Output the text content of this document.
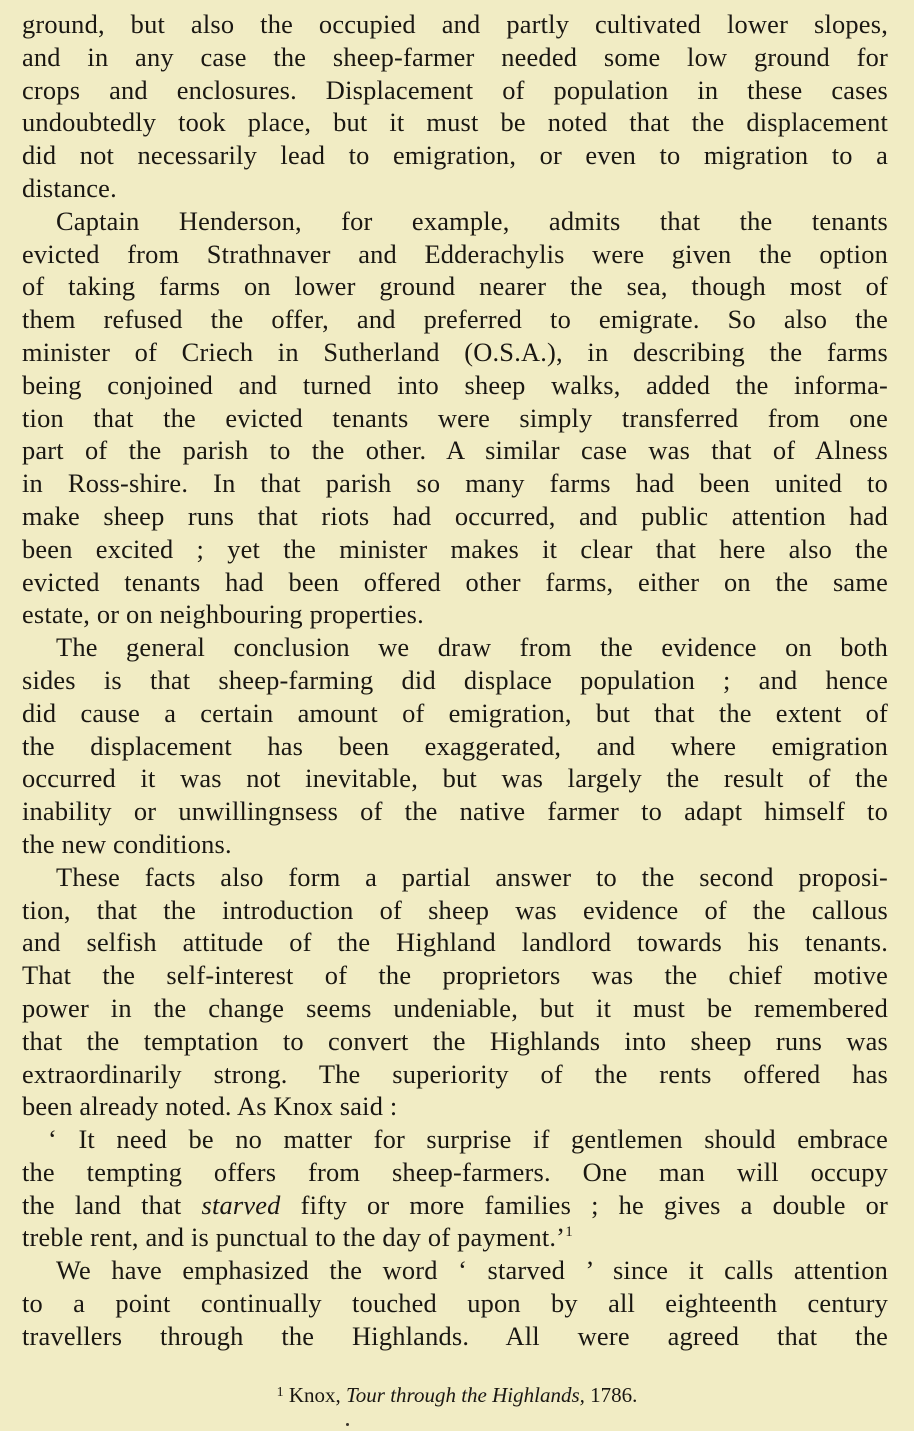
ground, but also the occupied and partly cultivated lower slopes,
and in any case the sheep-farmer needed some low ground for
crops and enclosures. Displacement of population in these cases
undoubtedly took place, but it must be noted that the displacement
did not necessarily lead to emigration, or even to migration to a
distance.
Captain Henderson, for example, admits that the tenants
evicted from Strathnaver and Edderachylis were given the option
of taking farms on lower ground nearer the sea, though most of
them refused the offer, and preferred to emigrate. So also the
minister of Criech in Sutherland (O.S.A.), in describing the farms
being conjoined and turned into sheep walks, added the informa-
tion that the evicted tenants were simply transferred from one
part of the parish to the other. A similar case was that of Alness
in Ross-shire. In that parish so many farms had been united to
make sheep runs that riots had occurred, and public attention had
been excited ; yet the minister makes it clear that here also the
evicted tenants had been offered other farms, either on the same
estate, or on neighbouring properties.
The general conclusion we draw from the evidence on both
sides is that sheep-farming did displace population ; and hence
did cause a certain amount of emigration, but that the extent of
the displacement has been exaggerated, and where emigration
occurred it was not inevitable, but was largely the result of the
inability or unwillingnsess of the native farmer to adapt himself to
the new conditions.
These facts also form a partial answer to the second proposi-
tion, that the introduction of sheep was evidence of the callous
and selfish attitude of the Highland landlord towards his tenants.
That the self-interest of the proprietors was the chief motive
power in the change seems undeniable, but it must be remembered
that the temptation to convert the Highlands into sheep runs was
extraordinarily strong. The superiority of the rents offered has
been already noted. As Knox said :
‘ It need be no matter for surprise if gentlemen should embrace
the tempting offers from sheep-farmers. One man will occupy
the land that starved fifty or more families ; he gives a double or
treble rent, and is punctual to the day of payment.’$^1$
We have emphasized the word ‘ starved ’ since it calls attention
to a point continually touched upon by all eighteenth century
travellers through the Highlands. All were agreed that the
$^1$ Knox, Tour through the Highlands, 1786.
